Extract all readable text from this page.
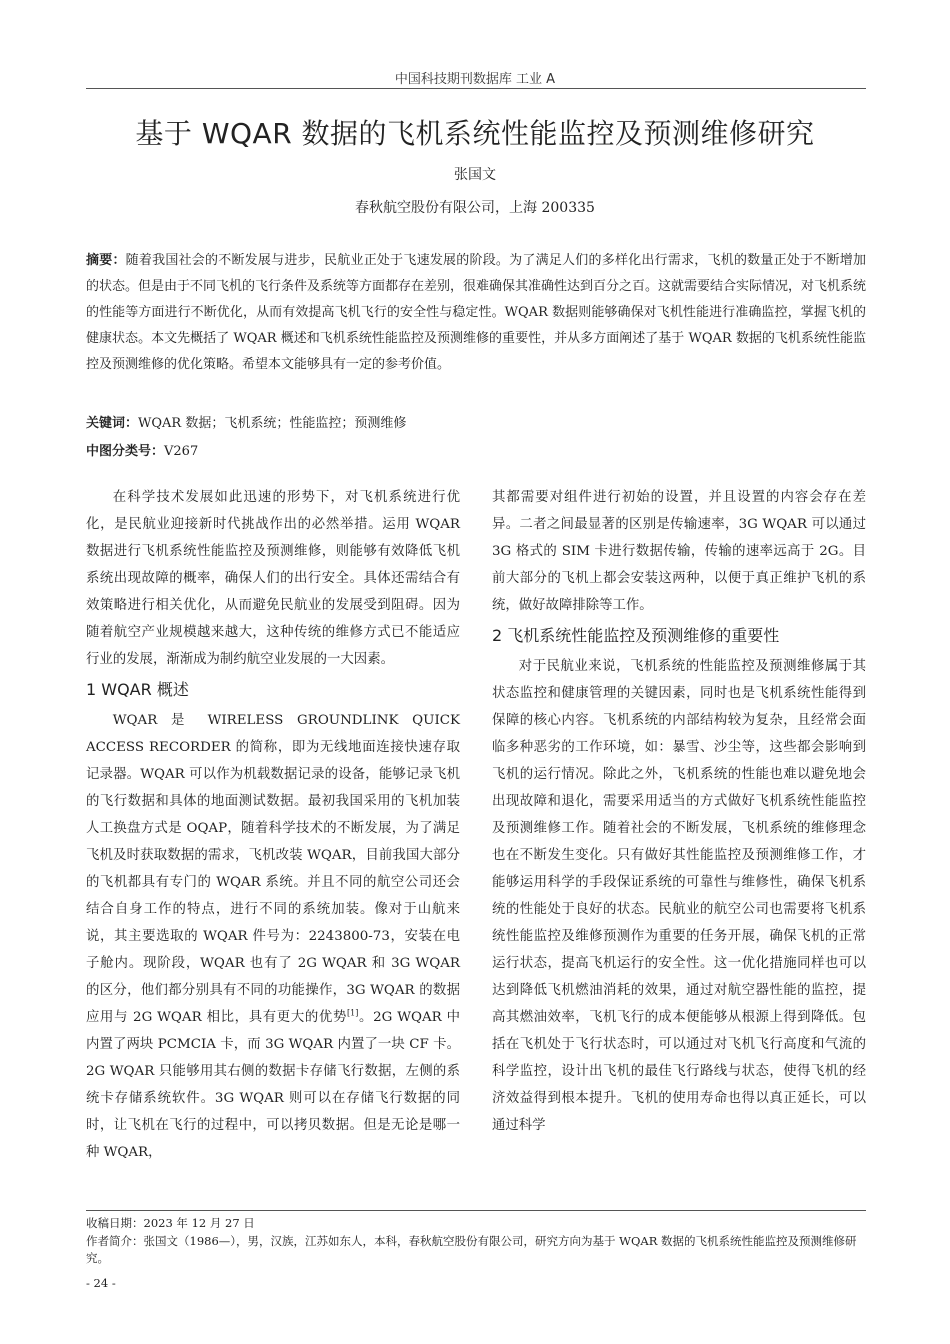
中国科技期刊数据库 工业 A
基于 WQAR 数据的飞机系统性能监控及预测维修研究
张国文
春秋航空股份有限公司，上海 200335
摘要：随着我国社会的不断发展与进步，民航业正处于飞速发展的阶段。为了满足人们的多样化出行需求，飞机的数量正处于不断增加的状态。但是由于不同飞机的飞行条件及系统等方面都存在差别，很难确保其准确性达到百分之百。这就需要结合实际情况，对飞机系统的性能等方面进行不断优化，从而有效提高飞机飞行的安全性与稳定性。WQAR 数据则能够确保对飞机性能进行准确监控，掌握飞机的健康状态。本文先概括了 WQAR 概述和飞机系统性能监控及预测维修的重要性，并从多方面阐述了基于 WQAR 数据的飞机系统性能监控及预测维修的优化策略。希望本文能够具有一定的参考价值。
关键词：WQAR 数据；飞机系统；性能监控；预测维修
中图分类号：V267

在科学技术发展如此迅速的形势下，对飞机系统进行优化，是民航业迎接新时代挑战作出的必然举措。运用 WQAR 数据进行飞机系统性能监控及预测维修，则能够有效降低飞机系统出现故障的概率，确保人们的出行安全。具体还需结合有效策略进行相关优化，从而避免民航业的发展受到阻碍。因为随着航空产业规模越来越大，这种传统的维修方式已不能适应行业的发展，渐渐成为制约航空业发展的一大因素。

1 WQAR 概述

WQAR 是 WIRELESS GROUNDLINK QUICK ACCESS RECORDER 的简称，即为无线地面连接快速存取记录器。WQAR 可以作为机载数据记录的设备，能够记录飞机的飞行数据和具体的地面测试数据。最初我国采用的飞机加装人工换盘方式是 OQAP，随着科学技术的不断发展，为了满足飞机及时获取数据的需求，飞机改装 WQAR，目前我国大部分的飞机都具有专门的 WQAR 系统。并且不同的航空公司还会结合自身工作的特点，进行不同的系统加装。像对于山航来说，其主要选取的 WQAR 件号为：2243800-73，安装在电子舱内。现阶段，WQAR 也有了 2G WQAR 和 3G WQAR 的区分，他们都分别具有不同的功能操作，3G WQAR 的数据应用与 2G WQAR 相比，具有更大的优势[1]。2G WQAR 中内置了两块 PCMCIA 卡，而 3G WQAR 内置了一块 CF 卡。2G WQAR 只能够用其右侧的数据卡存储飞行数据，左侧的系统卡存储系统软件。3G WQAR 则可以在存储飞行数据的同时，让飞机在飞行的过程中，可以拷贝数据。但是无论是哪一种 WQAR，

其都需要对组件进行初始的设置，并且设置的内容会存在差异。二者之间最显著的区别是传输速率，3G WQAR 可以通过 3G 格式的 SIM 卡进行数据传输，传输的速率远高于 2G。目前大部分的飞机上都会安装这两种，以便于真正维护飞机的系统，做好故障排除等工作。

2 飞机系统性能监控及预测维修的重要性

对于民航业来说，飞机系统的性能监控及预测维修属于其状态监控和健康管理的关键因素，同时也是飞机系统性能得到保障的核心内容。飞机系统的内部结构较为复杂，且经常会面临多种恶劣的工作环境，如：暴雪、沙尘等，这些都会影响到飞机的运行情况。除此之外，飞机系统的性能也难以避免地会出现故障和退化，需要采用适当的方式做好飞机系统性能监控及预测维修工作。随着社会的不断发展，飞机系统的维修理念也在不断发生变化。只有做好其性能监控及预测维修工作，才能够运用科学的手段保证系统的可靠性与维修性，确保飞机系统的性能处于良好的状态。民航业的航空公司也需要将飞机系统性能监控及维修预测作为重要的任务开展，确保飞机的正常运行状态，提高飞机运行的安全性。这一优化措施同样也可以达到降低飞机燃油消耗的效果，通过对航空器性能的监控，提高其燃油效率，飞机飞行的成本便能够从根源上得到降低。包括在飞机处于飞行状态时，可以通过对飞机飞行高度和气流的科学监控，设计出飞机的最佳飞行路线与状态，使得飞机的经济效益得到根本提升。飞机的使用寿命也得以真正延长，可以通过科学

收稿日期：2023 年 12 月 27 日
作者简介：张国文（1986—），男，汉族，江苏如东人，本科，春秋航空股份有限公司，研究方向为基于 WQAR 数据的飞机系统性能监控及预测维修研究。
- 24 -
